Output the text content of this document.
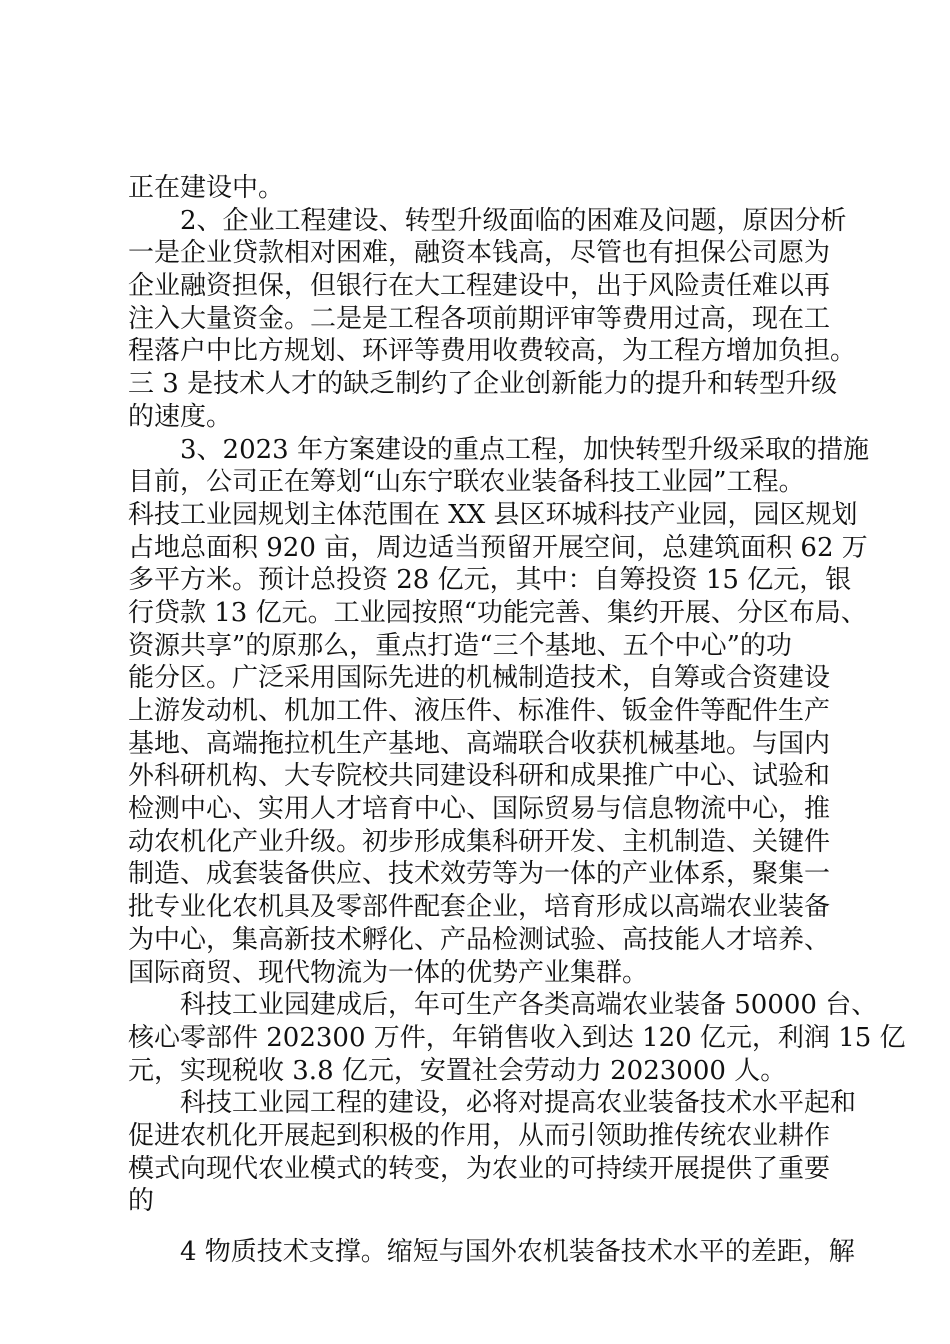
正在建设中。
2、企业工程建设、转型升级面临的困难及问题，原因分析
一是企业贷款相对困难，融资本钱高，尽管也有担保公司愿为
企业融资担保，但银行在大工程建设中，出于风险责任难以再
注入大量资金。二是是工程各项前期评审等费用过高，现在工
程落户中比方规划、环评等费用收费较高，为工程方增加负担。
三 3 是技术人才的缺乏制约了企业创新能力的提升和转型升级
的速度。
3、2023 年方案建设的重点工程，加快转型升级采取的措施
目前，公司正在筹划“山东宁联农业装备科技工业园”工程。
科技工业园规划主体范围在 XX 县区环城科技产业园，园区规划
占地总面积 920 亩，周边适当预留开展空间，总建筑面积 62 万
多平方米。预计总投资 28 亿元，其中：自筹投资 15 亿元，银
行贷款 13 亿元。工业园按照“功能完善、集约开展、分区布局、
资源共享”的原那么，重点打造“三个基地、五个中心”的功
能分区。广泛采用国际先进的机械制造技术，自筹或合资建设
上游发动机、机加工件、液压件、标准件、钣金件等配件生产
基地、高端拖拉机生产基地、高端联合收获机械基地。与国内
外科研机构、大专院校共同建设科研和成果推广中心、试验和
检测中心、实用人才培育中心、国际贸易与信息物流中心，推
动农机化产业升级。初步形成集科研开发、主机制造、关键件
制造、成套装备供应、技术效劳等为一体的产业体系，聚集一
批专业化农机具及零部件配套企业，培育形成以高端农业装备
为中心，集高新技术孵化、产品检测试验、高技能人才培养、
国际商贸、现代物流为一体的优势产业集群。
科技工业园建成后，年可生产各类高端农业装备 50000 台、
核心零部件 202300 万件，年销售收入到达 120 亿元，利润 15 亿
元，实现税收 3.8 亿元，安置社会劳动力 2023000 人。
科技工业园工程的建设，必将对提高农业装备技术水平起和
促进农机化开展起到积极的作用，从而引领助推传统农业耕作
模式向现代农业模式的转变，为农业的可持续开展提供了重要
的
4 物质技术支撑。缩短与国外农机装备技术水平的差距，解
